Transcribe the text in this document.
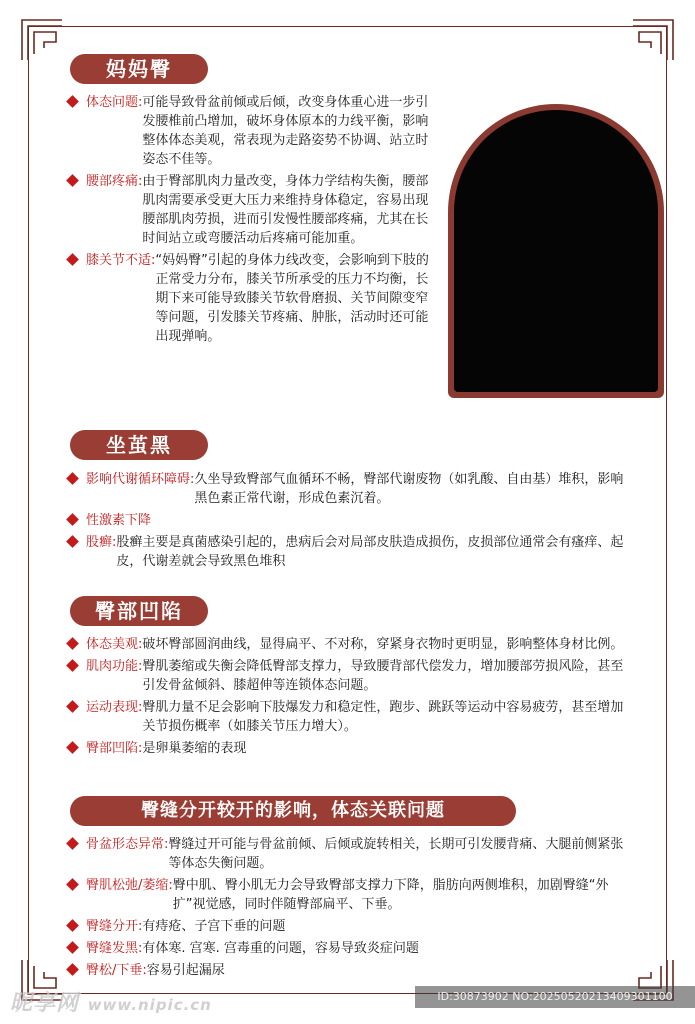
妈妈臀
体态问题: 可能导致骨盆前倾或后倾，改变身体重心进一步引发腰椎前凸增加，破坏身体原本的力线平衡，影响整体体态美观，常表现为走路姿势不协调、站立时姿态不佳等。
腰部疼痛: 由于臀部肌肉力量改变，身体力学结构失衡，腰部肌肉需要承受更大压力来维持身体稳定，容易出现腰部肌肉劳损，进而引发慢性腰部疼痛，尤其在长时间站立或弯腰活动后疼痛可能加重。
膝关节不适: “妈妈臀”引起的身体力线改变，会影响到下肢的正常受力分布，膝关节所承受的压力不均衡，长期下来可能导致膝关节软骨磨损、关节间隙变窄等问题，引发膝关节疼痛、肿胀，活动时还可能出现弹响。
坐茧黑
影响代谢循环障碍: 久坐导致臀部气血循环不畅，臀部代谢废物（如乳酸、自由基）堆积，影响黑色素正常代谢，形成色素沉着。
性激素下降
股癣: 股癣主要是真菌感染引起的，患病后会对局部皮肤造成损伤，皮损部位通常会有瘙痒、起皮，代谢差就会导致黑色堆积
臀部凹陷
体态美观: 破坏臀部圆润曲线，显得扁平、不对称，穿紧身衣物时更明显，影响整体身材比例。
肌肉功能: 臀肌萎缩或失衡会降低臀部支撑力，导致腰背部代偿发力，增加腰部劳损风险，甚至引发骨盆倾斜、膝超伸等连锁体态问题。
运动表现: 臀肌力量不足会影响下肢爆发力和稳定性，跑步、跳跃等运动中容易疲劳，甚至增加关节损伤概率（如膝关节压力增大）。
臀部凹陷: 是卵巢萎缩的表现
臀缝分开较开的影响，体态关联问题
骨盆形态异常: 臀缝过开可能与骨盆前倾、后倾或旋转相关，长期可引发腰背痛、大腿前侧紧张等体态失衡问题。
臀肌松弛/萎缩: 臀中肌、臀小肌无力会导致臀部支撑力下降，脂肪向两侧堆积，加剧臀缝“外扩”视觉感，同时伴随臀部扁平、下垂。
臀缝分开: 有痔疮、子宫下垂的问题
臀缝发黑: 有体寒. 宫寒. 宫毒重的问题，容易导致炎症问题
臀松/下垂: 容易引起漏尿
昵享网 www.nipic.cn	ID:30873902 NO:20250520213409301100
